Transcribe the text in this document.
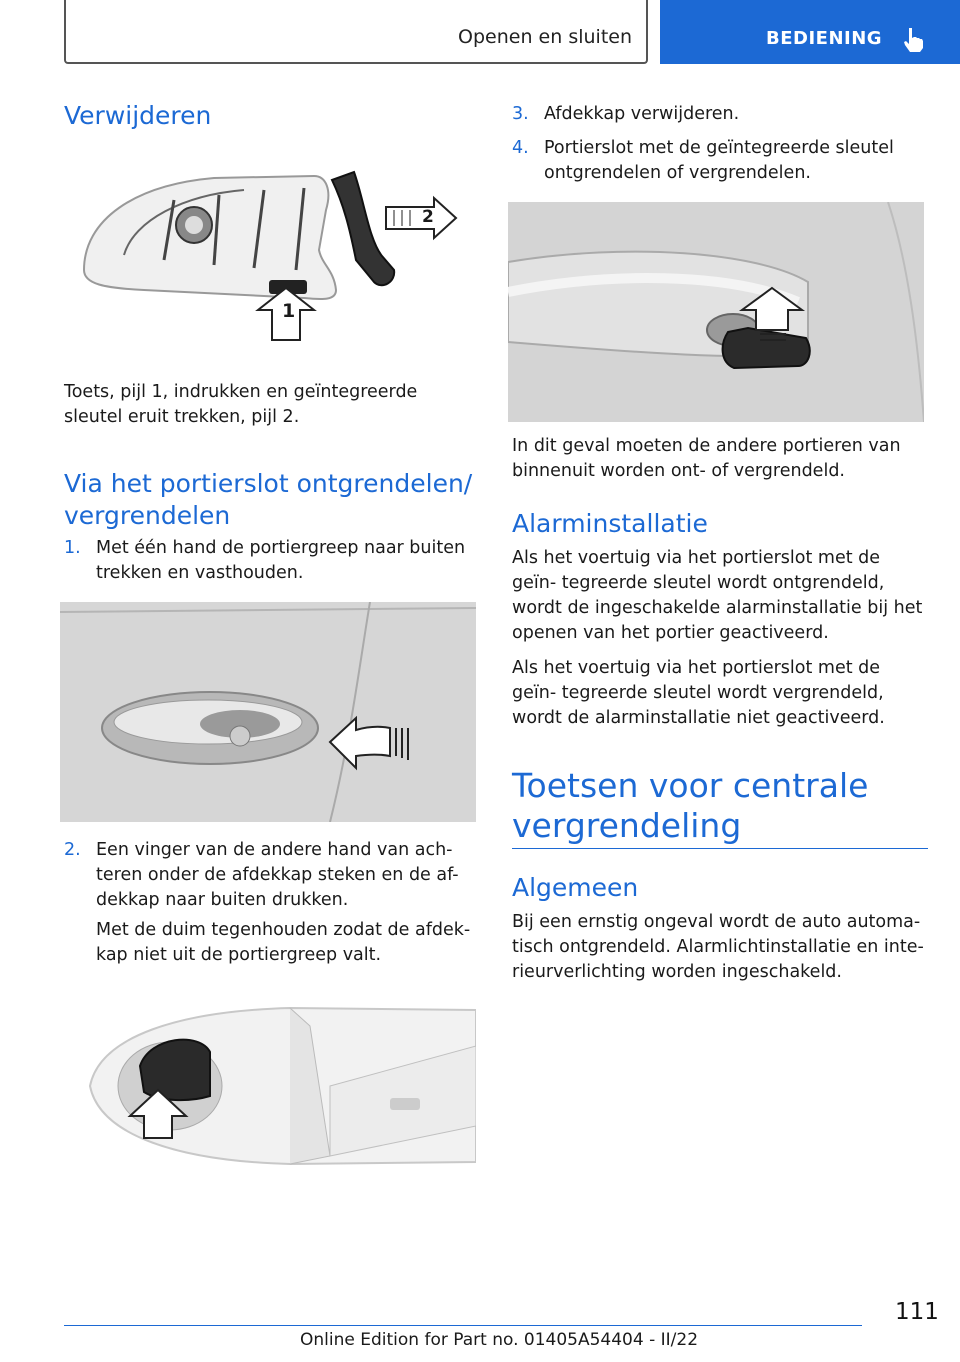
Openen en sluiten	BEDIENING
Verwijderen
2
1

Toets, pijl 1, indrukken en geïntegreerde sleutel eruit trekken, pijl 2.

Via het portierslot ontgrendelen/ vergrendelen
1. Met één hand de portiergreep naar buiten trekken en vasthouden.
2. Een vinger van de andere hand van ach- teren onder de afdekkap steken en de af- dekkap naar buiten drukken.

Met de duim tegenhouden zodat de afdek- kap niet uit de portiergreep valt.

3. Afdekkap verwijderen.
4. Portierslot met de geïntegreerde sleutel ontgrendelen of vergrendelen.

In dit geval moeten de andere portieren van binnenuit worden ont- of vergrendeld.

Alarminstallatie

Als het voertuig via het portierslot met de geïn- tegreerde sleutel wordt ontgrendeld, wordt de ingeschakelde alarminstallatie bij het openen van het portier geactiveerd.

Als het voertuig via het portierslot met de geïn- tegreerde sleutel wordt vergrendeld, wordt de alarminstallatie niet geactiveerd.

Toetsen voor centrale vergrendeling
Algemeen

Bij een ernstig ongeval wordt de auto automa- tisch ontgrendeld. Alarmlichtinstallatie en inte- rieurverlichting worden ingeschakeld.

111
Online Edition for Part no. 01405A54404 - II/22
